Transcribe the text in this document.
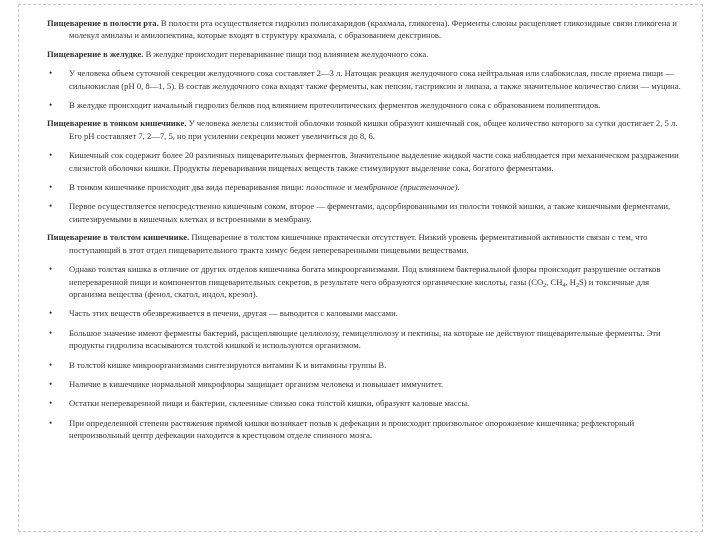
Пищеварение в полости рта. В полости рта осуществляется гидролиз полисахаридов (крахмала, гликогена). Ферменты слюны расщепляет гликозидные связи гликогена и молекул амилазы и амилопектина, которые входят в структуру крахмала, с образованием декстринов.

Пищеварение в желудке. В желудке происходит переваривание пищи под влиянием желудочного сока.

• У человека объем суточной секреции желудочного сока составляет 2—3 л. Натощак реакция желудочного сока нейтральная или слабокислая, после приема пищи — сильнокислая (рН 0, 8—1, 5). В состав желудочного сока входят также ферменты, как пепсин, гастриксин и липаза, а также значительное количество слизи — муцина.
• В желудке происходит начальный гидролиз белков под влиянием протеолитических ферментов желудочного сока с образованием полипептидов.

Пищеварение в тонком кишечнике. У человека железы слизистой оболочки тонкой кишки образуют кишечный сок, общее количество которого за сутки достигает 2, 5 л. Его рН составляет 7, 2—7, 5, но при усилении секреции может увеличиться до 8, 6.

• Кишечный сок содержит более 20 различных пищеварительных ферментов. Значительное выделение жидкой части сока наблюдается при механическом раздражении слизистой оболочки кишки. Продукты переваривания пищевых веществ также стимулируют выделение сока, богатого ферментами.
• В тонком кишечнике происходит два вида переваривания пищи: полостное и мембранное (пристеночное).
• Первое осуществляется непосредственно кишечным соком, второе — ферментами, адсорбированными из полости тонкой кишки, а также кишечными ферментами, синтезируемыми в кишечных клетках и встроенными в мембрану.

Пищеварение в толстом кишечнике. Пищеварение в толстом кишечнике практически отсутствует. Низкий уровень ферментативной активности связан с тем, что поступающий в этот отдел пищеварительного тракта химус беден непереваренными пищевыми веществами.

• Однако толстая кишка в отличие от других отделов кишечника богата микроорганизмами. Под влиянием бактериальной флоры происходит разрушение остатков непереваренной пищи и компонентов пищеварительных секретов, в результате чего образуются органические кислоты, газы ($CO_2$, $CH_4$, $H_2S$) и токсичные для организма вещества (фенол, скатол, индол, крезол).
• Часть этих веществ обезвреживается в печени, другая — выводится с каловыми массами.
• Большое значение имеют ферменты бактерий, расщепляющие целлюлозу, гемицеллюлозу и пектины, на которые не действуют пищеварительные ферменты. Эти продукты гидролиза всасываются толстой кишкой и используются организмом.
• В толстой кишке микроорганизмами синтезируются витамин К и витамины группы В.
• Наличие в кишечнике нормальной микрофлоры защищает организм человека и повышает иммунитет.
• Остатки непереваренной пищи и бактерии, склеенные слизью сока толстой кишки, образуют каловые массы.
• При определенной степени растяжения прямой кишки возникает позыв к дефекации и происходит произвольное опорожнение кишечника; рефлекторный непроизвольный центр дефекации находится в крестцовом отделе спинного мозга.
